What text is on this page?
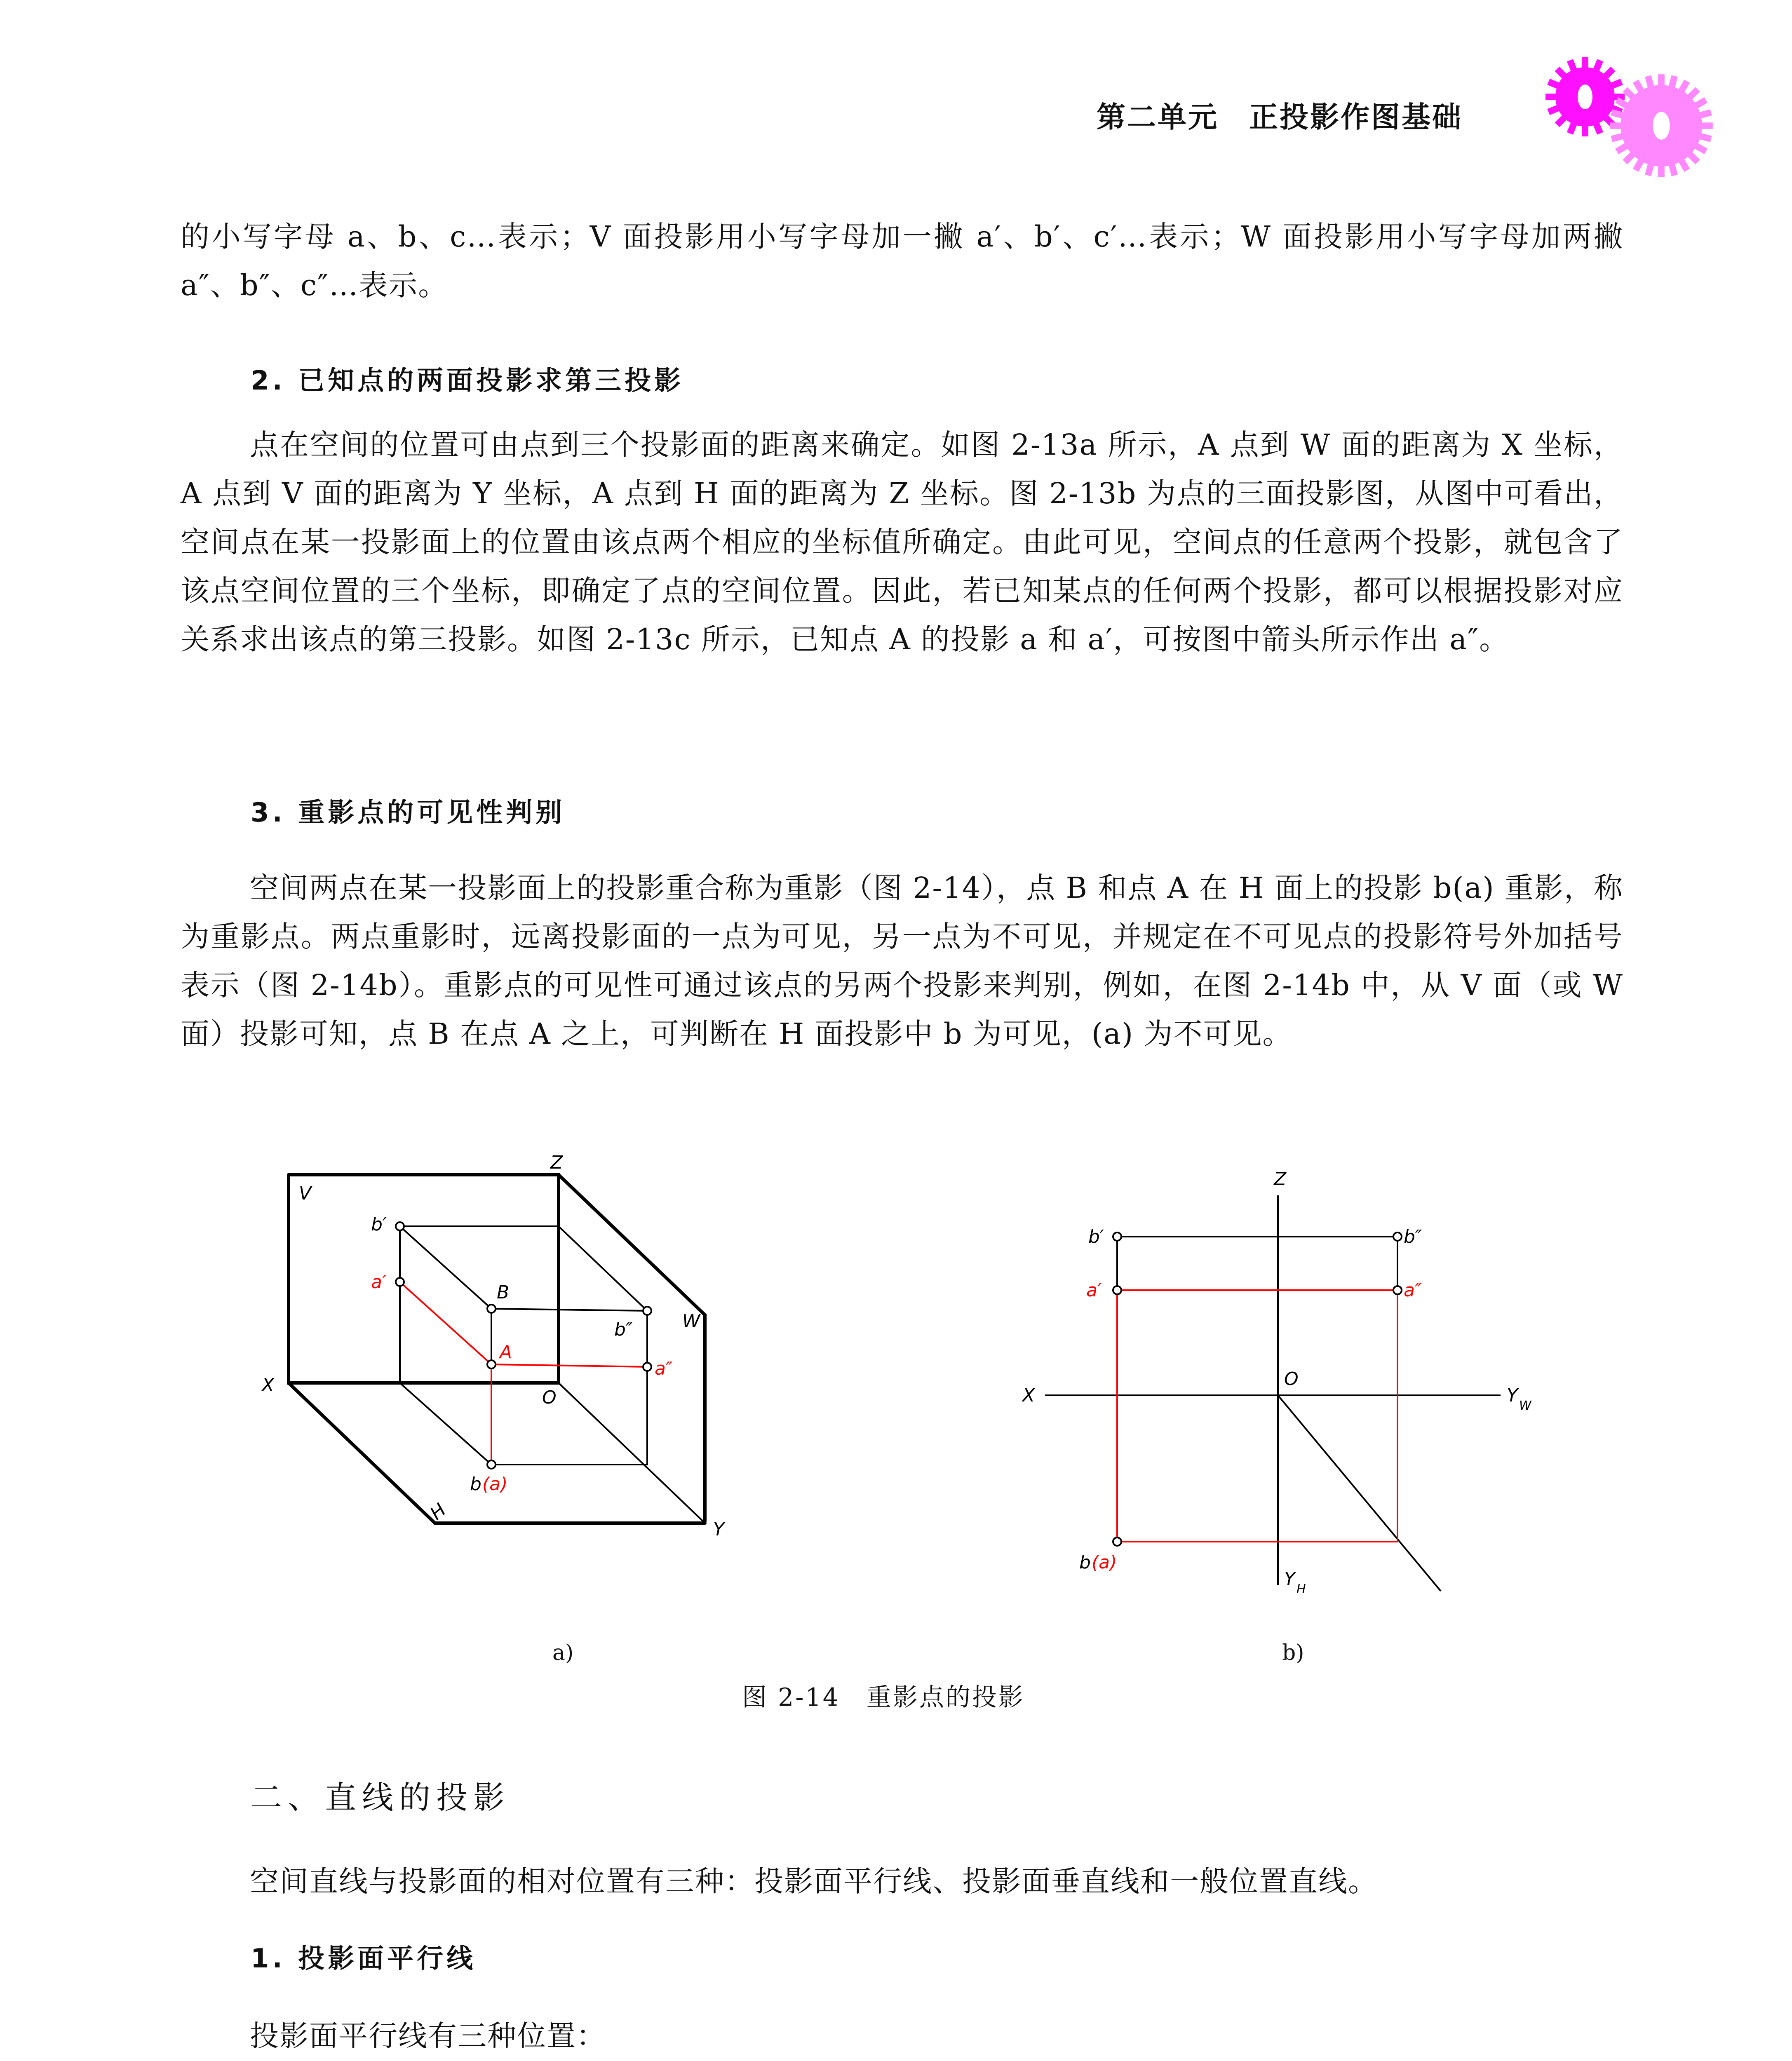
第二单元　正投影作图基础
的小写字母 a、b、c…表示；V 面投影用小写字母加一撇 a′、b′、c′…表示；W 面投影用小写字母加两撇 a″、b″、c″…表示。
2. 已知点的两面投影求第三投影
点在空间的位置可由点到三个投影面的距离来确定。如图 2-13a 所示，A 点到 W 面的距离为 X 坐标，A 点到 V 面的距离为 Y 坐标，A 点到 H 面的距离为 Z 坐标。图 2-13b 为点的三面投影图，从图中可看出，空间点在某一投影面上的位置由该点两个相应的坐标值所确定。由此可见，空间点的任意两个投影，就包含了该点空间位置的三个坐标，即确定了点的空间位置。因此，若已知某点的任何两个投影，都可以根据投影对应关系求出该点的第三投影。如图 2-13c 所示，已知点 A 的投影 a 和 a′，可按图中箭头所示作出 a″。
3. 重影点的可见性判别
空间两点在某一投影面上的投影重合称为重影（图 2-14），点 B 和点 A 在 H 面上的投影 b(a) 重影，称为重影点。两点重影时，远离投影面的一点为可见，另一点为不可见，并规定在不可见点的投影符号外加括号表示（图 2-14b）。重影点的可见性可通过该点的另两个投影来判别，例如，在图 2-14b 中，从 V 面（或 W 面）投影可知，点 B 在点 A 之上，可判断在 H 面投影中 b 为可见，(a) 为不可见。
Z
V
W
X
O
H
Y
b′
B
b″
b
a′
A
a″
(a)
Z
X
O
Y W
Y H
b′	b″
b
a′	a″
(a)
a)	b)
图 2-14　重影点的投影
二、直线的投影
空间直线与投影面的相对位置有三种：投影面平行线、投影面垂直线和一般位置直线。
1. 投影面平行线
投影面平行线有三种位置：
